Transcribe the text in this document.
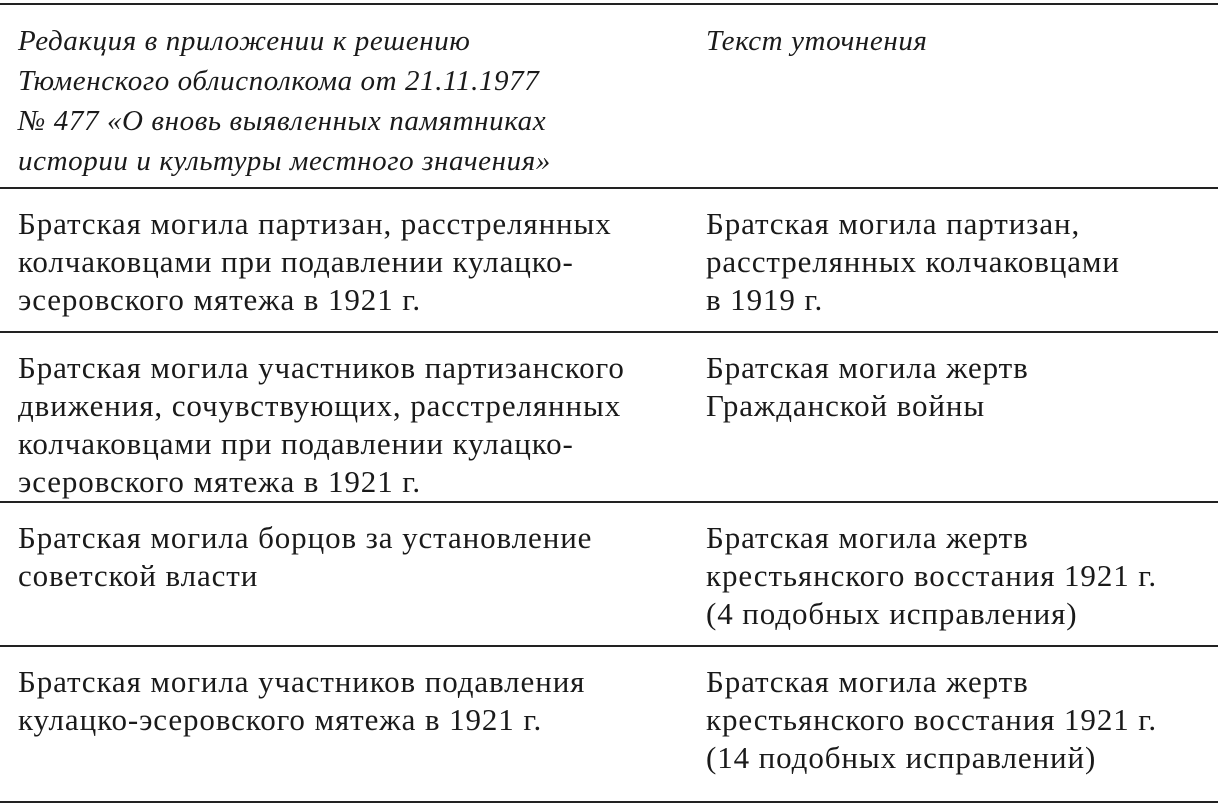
Редакция в приложении к решению
Тюменского облисполкома от 21.11.1977
№ 477 «О вновь выявленных памятниках
истории и культуры местного значения»	Текст уточнения
Братская могила партизан, расстрелянных
колчаковцами при подавлении кулацко-
эсеровского мятежа в 1921 г.	Братская могила партизан,
расстрелянных колчаковцами
в 1919 г.
Братская могила участников партизанского
движения, сочувствующих, расстрелянных
колчаковцами при подавлении кулацко-
эсеровского мятежа в 1921 г.	Братская могила жертв
Гражданской войны
Братская могила борцов за установление
советской власти	Братская могила жертв
крестьянского восстания 1921 г.
(4 подобных исправления)
Братская могила участников подавления
кулацко-эсеровского мятежа в 1921 г.	Братская могила жертв
крестьянского восстания 1921 г.
(14 подобных исправлений)
